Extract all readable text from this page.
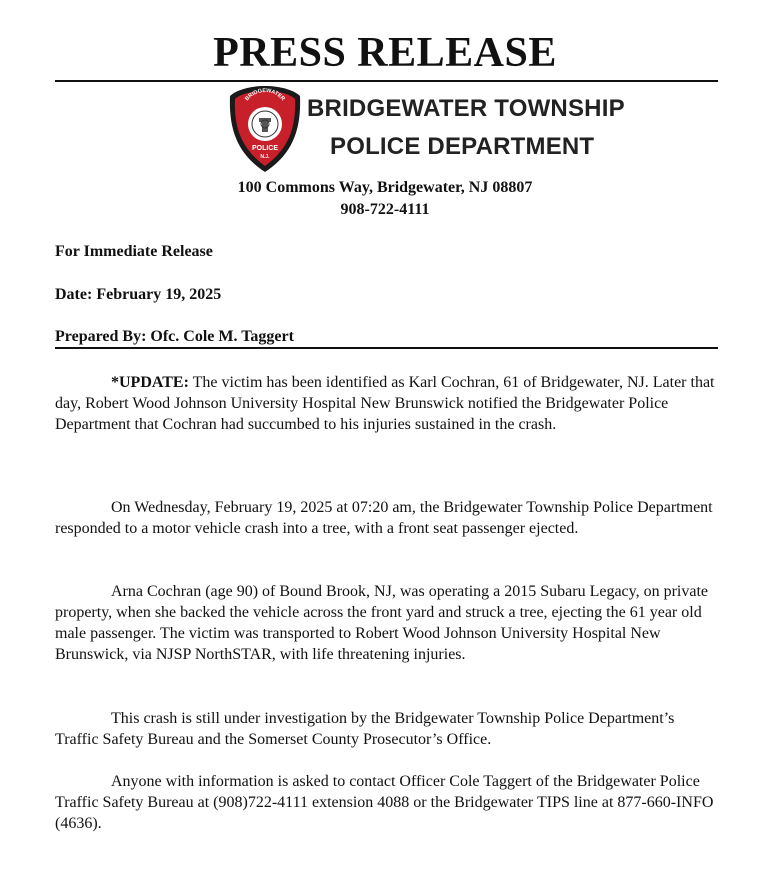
PRESS RELEASE
BRIDGEWATER
POLICE
N.J.
BRIDGEWATER TOWNSHIP
POLICE DEPARTMENT
100 Commons Way, Bridgewater, NJ 08807
908-722-4111
For Immediate Release
Date: February 19, 2025
Prepared By: Ofc. Cole M. Taggert

*UPDATE: The victim has been identified as Karl Cochran, 61 of Bridgewater, NJ. Later that day, Robert Wood Johnson University Hospital New Brunswick notified the Bridgewater Police Department that Cochran had succumbed to his injuries sustained in the crash.

On Wednesday, February 19, 2025 at 07:20 am, the Bridgewater Township Police Department responded to a motor vehicle crash into a tree, with a front seat passenger ejected.

Arna Cochran (age 90) of Bound Brook, NJ, was operating a 2015 Subaru Legacy, on private property, when she backed the vehicle across the front yard and struck a tree, ejecting the 61 year old male passenger. The victim was transported to Robert Wood Johnson University Hospital New Brunswick, via NJSP NorthSTAR, with life threatening injuries.

This crash is still under investigation by the Bridgewater Township Police Department’s Traffic Safety Bureau and the Somerset County Prosecutor’s Office.

Anyone with information is asked to contact Officer Cole Taggert of the Bridgewater Police Traffic Safety Bureau at (908)722-4111 extension 4088 or the Bridgewater TIPS line at 877-660-INFO (4636).
